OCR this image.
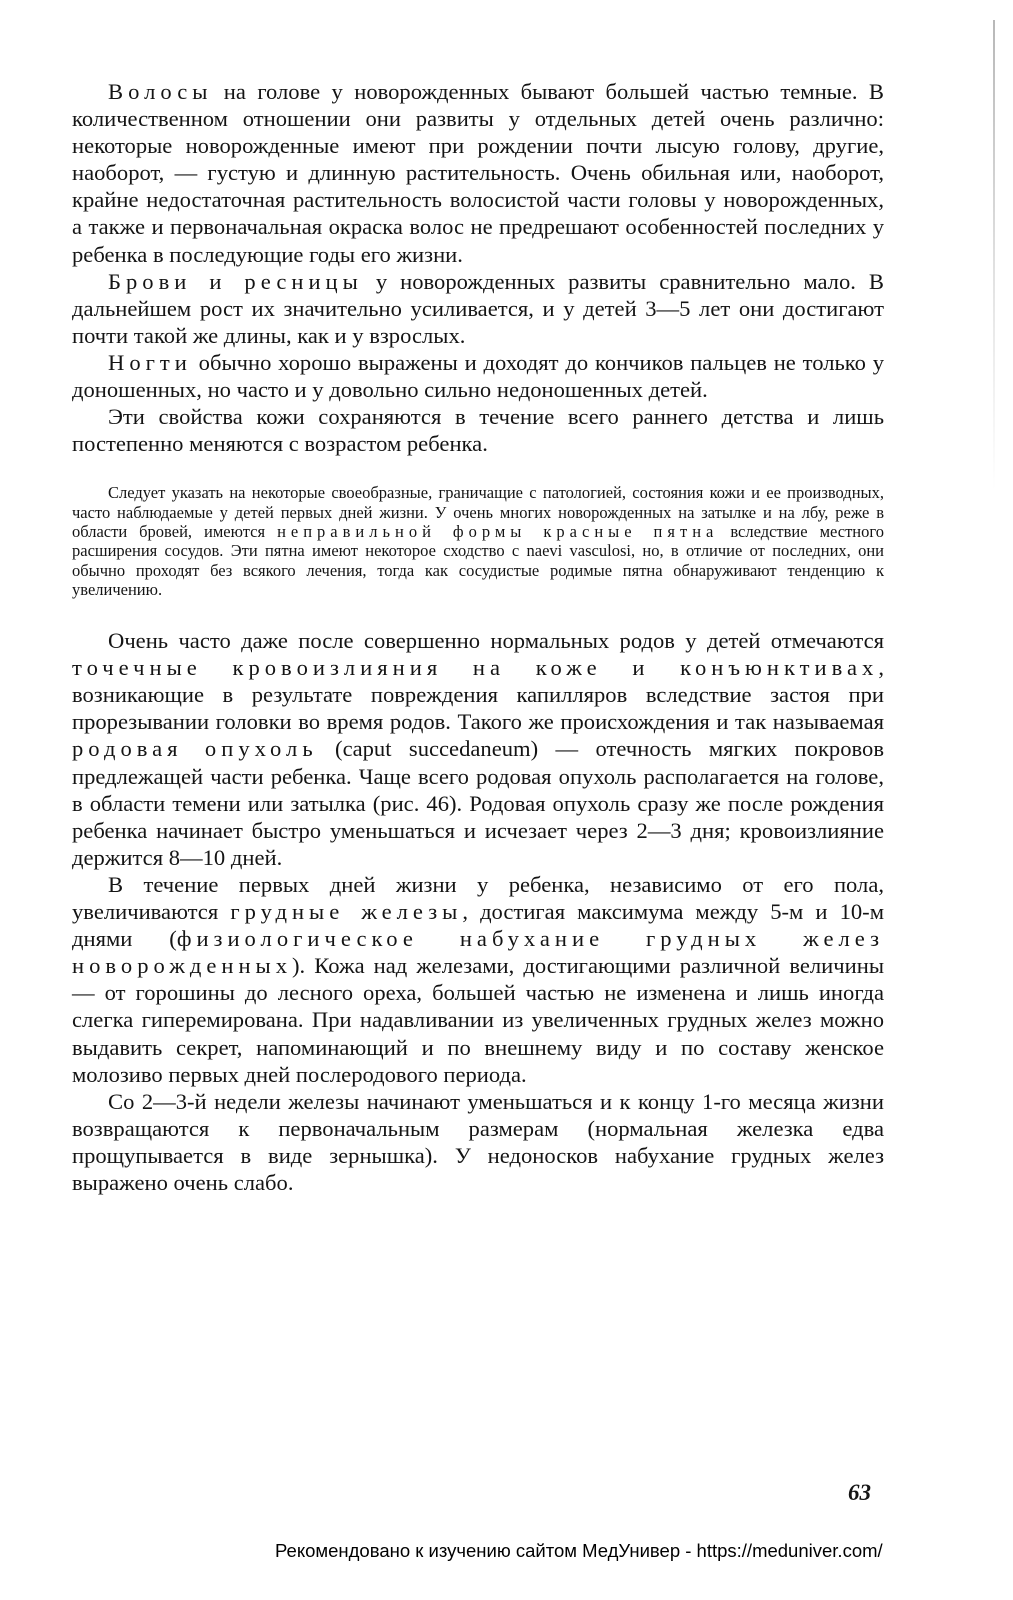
Волосы на голове у новорожденных бывают большей частью темные. В количественном отношении они развиты у отдельных детей очень различно: некоторые новорожденные имеют при рождении почти лысую голову, другие, наоборот, — густую и длинную растительность. Очень обильная или, наоборот, крайне недостаточная растительность волосистой части головы у новорожденных, а также и первоначальная окраска волос не предрешают особенностей последних у ребенка в последующие годы его жизни.

Брови и ресницы у новорожденных развиты сравнительно мало. В дальнейшем рост их значительно усиливается, и у детей 3—5 лет они достигают почти такой же длины, как и у взрослых.

Ногти обычно хорошо выражены и доходят до кончиков пальцев не только у доношенных, но часто и у довольно сильно недоношенных детей.

Эти свойства кожи сохраняются в течение всего раннего детства и лишь постепенно меняются с возрастом ребенка.

Следует указать на некоторые своеобразные, граничащие с патологией, состояния кожи и ее производных, часто наблюдаемые у детей первых дней жизни. У очень многих новорожденных на затылке и на лбу, реже в области бровей, имеются неправильной формы красные пятна вследствие местного расширения сосудов. Эти пятна имеют некоторое сходство с naevi vasculosi, но, в отличие от последних, они обычно проходят без всякого лечения, тогда как сосудистые родимые пятна обнаруживают тенденцию к увеличению.

Очень часто даже после совершенно нормальных родов у детей отмечаются точечные кровоизлияния на коже и конъюнктивах, возникающие в результате повреждения капилляров вследствие застоя при прорезывании головки во время родов. Такого же происхождения и так называемая родовая опухоль (caput succedaneum) — отечность мягких покровов предлежащей части ребенка. Чаще всего родовая опухоль располагается на голове, в области темени или затылка (рис. 46). Родовая опухоль сразу же после рождения ребенка начинает быстро уменьшаться и исчезает через 2—3 дня; кровоизлияние держится 8—10 дней.

В течение первых дней жизни у ребенка, независимо от его пола, увеличиваются грудные железы, достигая максимума между 5-м и 10-м днями (физиологическое набухание грудных желез новорожденных). Кожа над железами, достигающими различной величины — от горошины до лесного ореха, большей частью не изменена и лишь иногда слегка гиперемирована. При надавливании из увеличенных грудных желез можно выдавить секрет, напоминающий и по внешнему виду и по составу женское молозиво первых дней послеродового периода.

Со 2—3-й недели железы начинают уменьшаться и к концу 1-го месяца жизни возвращаются к первоначальным размерам (нормальная железка едва прощупывается в виде зернышка). У недоносков набухание грудных желез выражено очень слабо.

63
Рекомендовано к изучению сайтом МедУнивер - https://meduniver.com/
